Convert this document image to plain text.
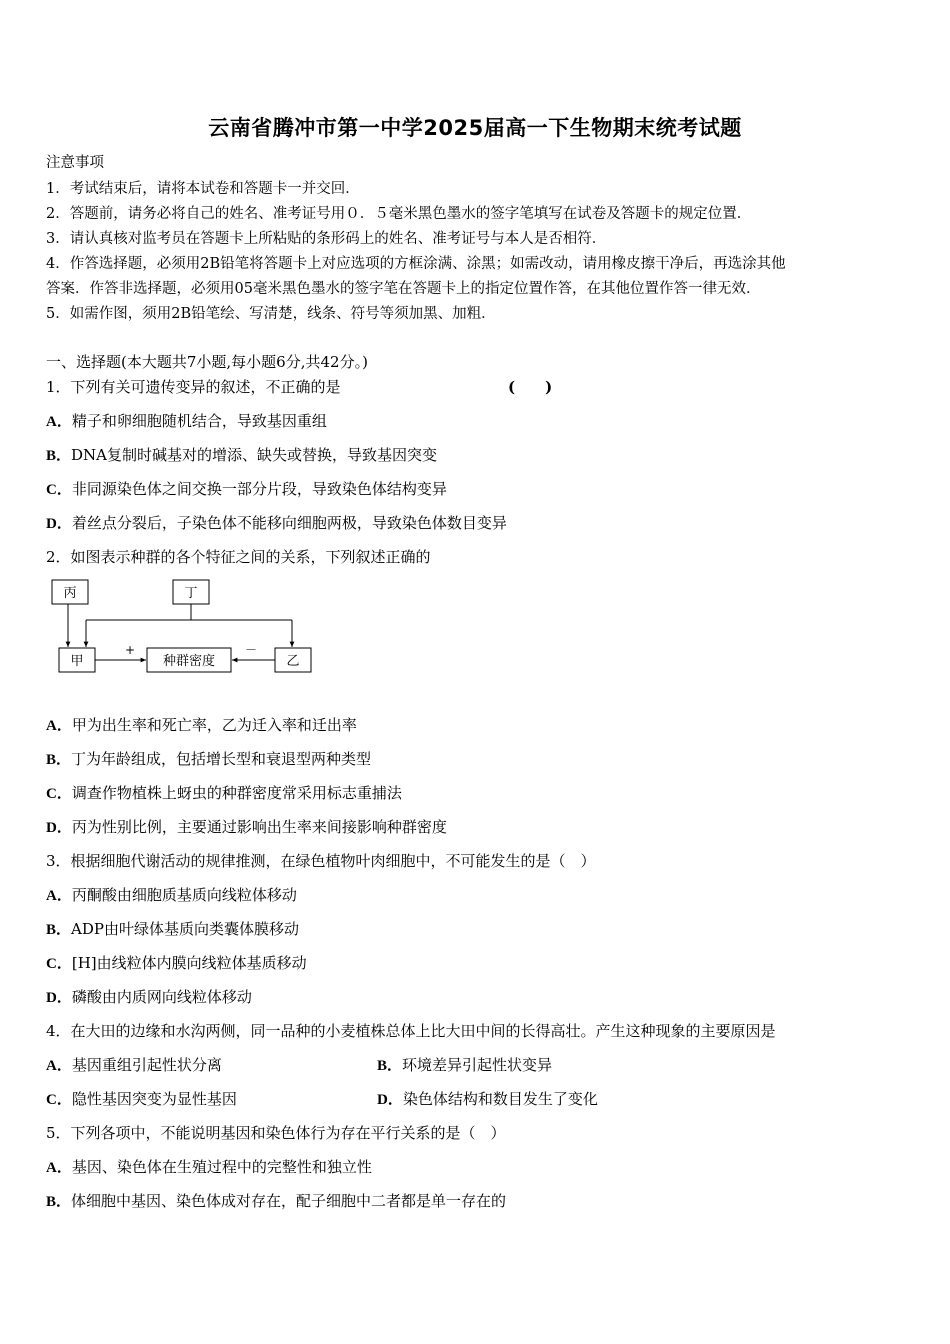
云南省腾冲市第一中学2025届高一下生物期末统考试题
注意事项
1．考试结束后，请将本试卷和答题卡一并交回．
2．答题前，请务必将自己的姓名、准考证号用０．５毫米黑色墨水的签字笔填写在试卷及答题卡的规定位置．
3．请认真核对监考员在答题卡上所粘贴的条形码上的姓名、准考证号与本人是否相符．
4．作答选择题，必须用2B铅笔将答题卡上对应选项的方框涂满、涂黑；如需改动，请用橡皮擦干净后，再选涂其他
答案．作答非选择题，必须用05毫米黑色墨水的签字笔在答题卡上的指定位置作答，在其他位置作答一律无效．
5．如需作图，须用2B铅笔绘、写清楚，线条、符号等须加黑、加粗．
一、选择题(本大题共7小题,每小题6分,共42分。)
1．下列有关可遗传变异的叙述，不正确的是	(　　)
A．精子和卵细胞随机结合，导致基因重组
B．DNA复制时碱基对的增添、缺失或替换，导致基因突变
C．非同源染色体之间交换一部分片段，导致染色体结构变异
D．着丝点分裂后，子染色体不能移向细胞两极，导致染色体数目变异
2．如图表示种群的各个特征之间的关系，下列叙述正确的
丙	丁
甲	种群密度	乙
+	－
A．甲为出生率和死亡率，乙为迁入率和迁出率
B．丁为年龄组成，包括增长型和衰退型两种类型
C．调查作物植株上蚜虫的种群密度常采用标志重捕法
D．丙为性别比例，主要通过影响出生率来间接影响种群密度
3．根据细胞代谢活动的规律推测，在绿色植物叶肉细胞中，不可能发生的是（　）
A．丙酮酸由细胞质基质向线粒体移动
B．ADP由叶绿体基质向类囊体膜移动
C．[H]由线粒体内膜向线粒体基质移动
D．磷酸由内质网向线粒体移动
4．在大田的边缘和水沟两侧，同一品种的小麦植株总体上比大田中间的长得高壮。产生这种现象的主要原因是
A．基因重组引起性状分离	B．环境差异引起性状变异
C．隐性基因突变为显性基因	D．染色体结构和数目发生了变化
5．下列各项中，不能说明基因和染色体行为存在平行关系的是（　）
A．基因、染色体在生殖过程中的完整性和独立性
B．体细胞中基因、染色体成对存在，配子细胞中二者都是单一存在的
